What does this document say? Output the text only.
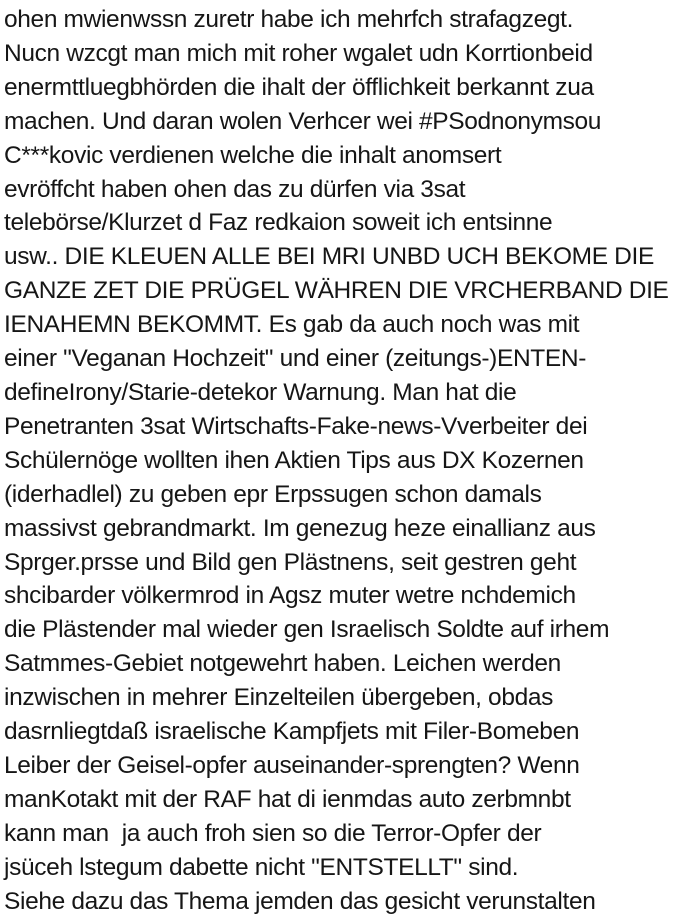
ohen mwienwssn zuretr habe ich mehrfch strafagzegt.
Nucn wzcgt man mich mit roher wgalet udn Korrtionbeid
enermttluegbhörden die ihalt der öfflichkeit berkannt zua
machen. Und daran wolen Verhcer wei #PSodnonymsou
C***kovic verdienen welche die inhalt anomsert
evröffcht haben ohen das zu dürfen via 3sat
telebörse/Klurzet d Faz redkaion soweit ich entsinne
usw.. DIE KLEUEN ALLE BEI MRI UNBD UCH BEKOME DIE
GANZE ZET DIE PRÜGEL WÄHREN DIE VRCHERBAND DIE
IENAHEMN BEKOMMT. Es gab da auch noch was mit
einer "Veganan Hochzeit" und einer (zeitungs-)ENTEN-
defineIrony/Starie-detekor Warnung. Man hat die
Penetranten 3sat Wirtschafts-Fake-news-Vverbeiter dei
Schülernöge wollten ihen Aktien Tips aus DX Kozernen
(iderhadlel) zu geben epr Erpssugen schon damals
massivst gebrandmarkt. Im genezug heze einallianz aus
Sprger.prsse und Bild gen Plästnens, seit gestren geht
shcibarder völkermrod in Agsz muter wetre nchdemich
die Plästender mal wieder gen Israelisch Soldte auf irhem
Satmmes-Gebiet notgewehrt haben. Leichen werden
inzwischen in mehrer Einzelteilen übergeben, obdas
dasrnliegtdaß israelische Kampfjets mit Filer-Bomeben
Leiber der Geisel-opfer auseinander-sprengten? Wenn
manKotakt mit der RAF hat di ienmdas auto zerbmnbt
kann man  ja auch froh sien so die Terror-Opfer der
jsüceh lstegum dabette nicht "ENTSTELLT" sind.
Siehe dazu das Thema jemden das gesicht verunstalten
